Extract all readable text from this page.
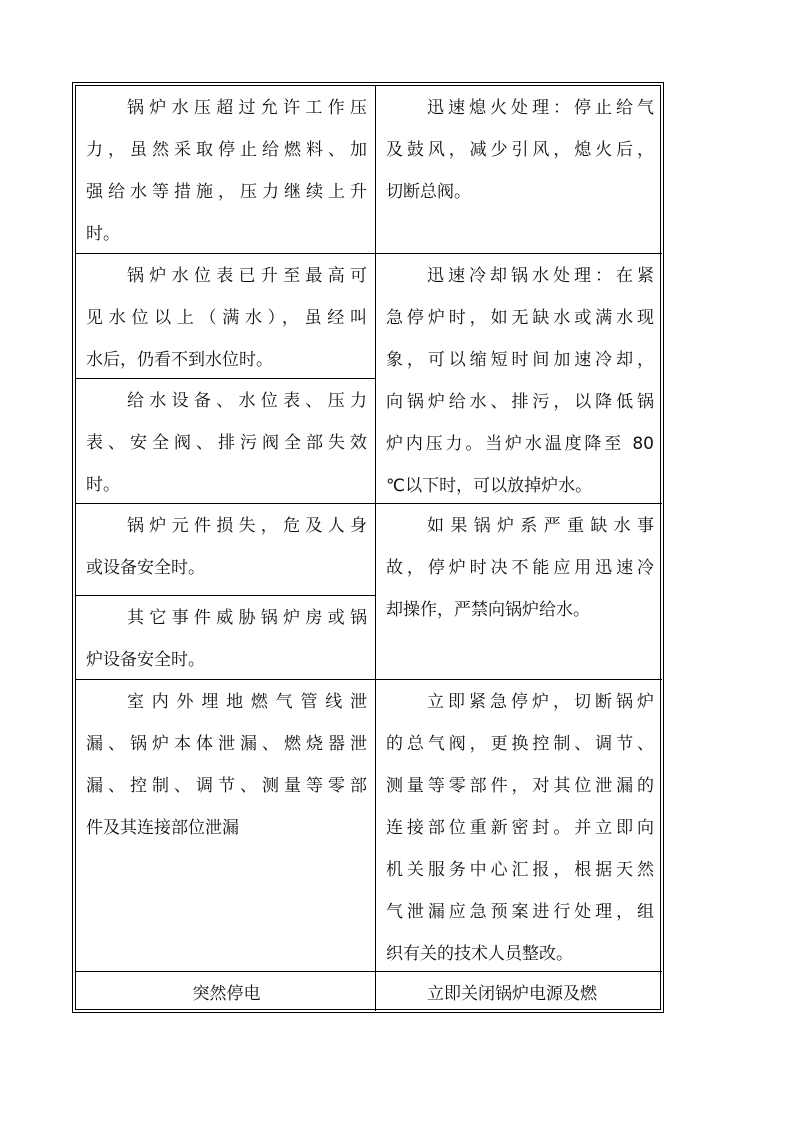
锅炉水压超过允许工作压
力，虽然采取停止给燃料、加
强给水等措施，压力继续上升
时。
迅速熄火处理：停止给气
及鼓风，减少引风，熄火后，
切断总阀。
锅炉水位表已升至最高可
见水位以上（满水），虽经叫
水后，仍看不到水位时。
给水设备、水位表、压力
表、安全阀、排污阀全部失效
时。
迅速冷却锅水处理：在紧
急停炉时，如无缺水或满水现
象，可以缩短时间加速冷却，
向锅炉给水、排污，以降低锅
炉内压力。当炉水温度降至 80
℃以下时，可以放掉炉水。
锅炉元件损失，危及人身
或设备安全时。
其它事件威胁锅炉房或锅
炉设备安全时。
如果锅炉系严重缺水事
故，停炉时决不能应用迅速冷
却操作，严禁向锅炉给水。
室内外埋地燃气管线泄
漏、锅炉本体泄漏、燃烧器泄
漏、控制、调节、测量等零部
件及其连接部位泄漏
立即紧急停炉，切断锅炉
的总气阀，更换控制、调节、
测量等零部件，对其位泄漏的
连接部位重新密封。并立即向
机关服务中心汇报，根据天然
气泄漏应急预案进行处理，组
织有关的技术人员整改。
突然停电	立即关闭锅炉电源及燃
